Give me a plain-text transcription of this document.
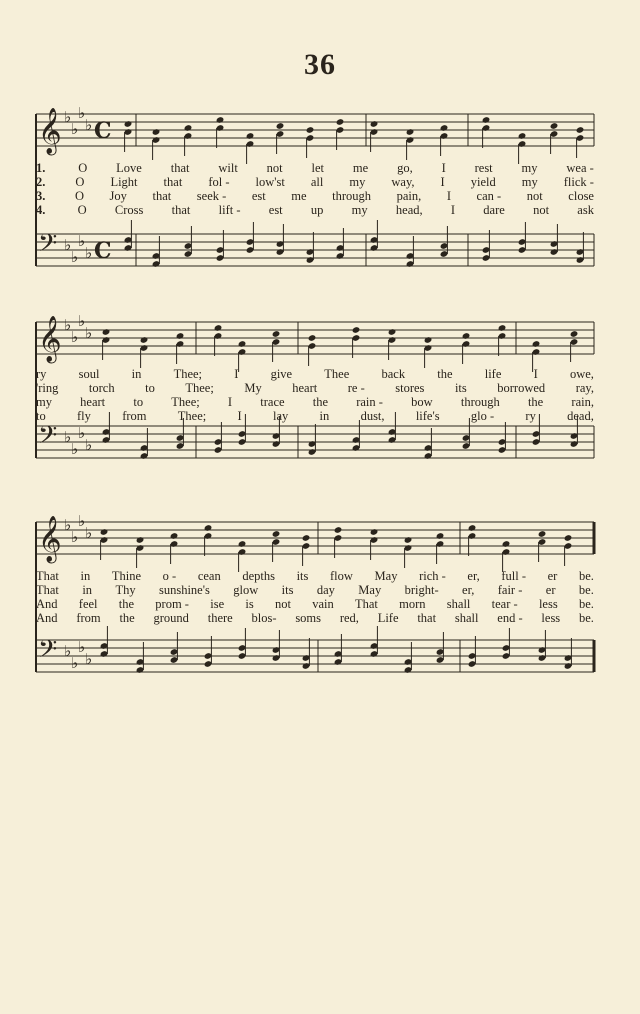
36
𝄞 ♭
♭
♭
♭ C
𝄢 ♭
♭
♭
♭ C
1.	O Love that wilt not let me go, I rest my wea -
2. O Light that fol - low'st all my way, I yield my flick -
3. O Joy that seek - est me through pain, I can - not close
4.	O Cross that lift - est up my head, I dare not ask
𝄞 ♭
♭
♭
♭
𝄢 ♭
♭
♭
♭
ry	soul	in	Thee;	I	give	Thee	back	the	life	I	owe,
'ring torch to Thee; My heart re - stores its borrowed ray,
my heart to Thee; I trace the rain - bow through the rain,
to	fly	from	Thee;	I	lay	in	dust,	life's	glo -	ry	dead,
𝄞 ♭
♭
♭
♭
𝄢 ♭
♭
♭
♭
That in Thine o - cean depths its flow May rich - er, full - er be.
That in Thy sunshine's glow its day May bright- er, fair - er be.
And feel the prom - ise is not vain That morn shall tear - less be.
And from the ground there blos- soms red, Life that shall end - less be.
